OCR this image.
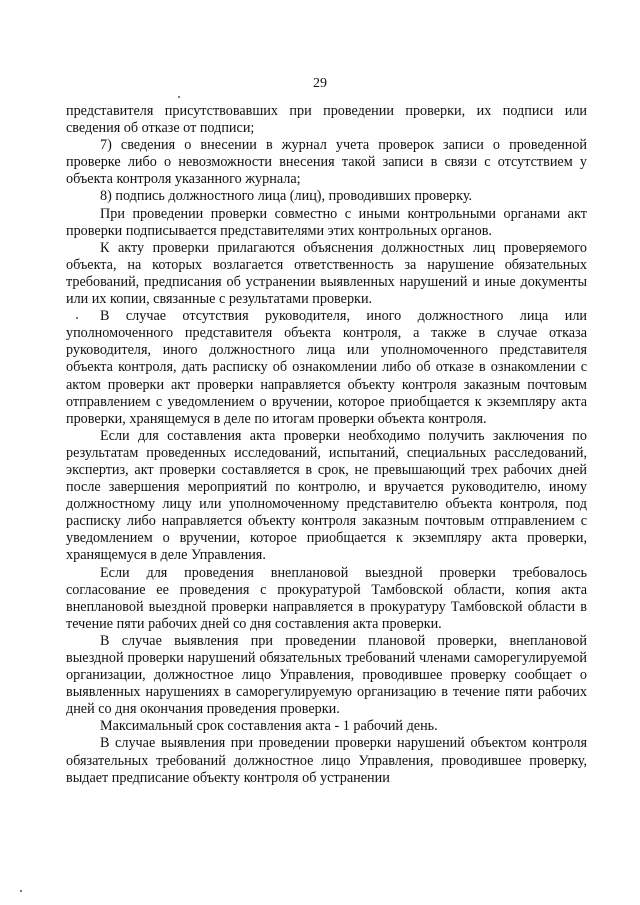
29

представителя присутствовавших при проведении проверки, их подписи или сведения об отказе от подписи;

7) сведения о внесении в журнал учета проверок записи о проведенной проверке либо о невозможности внесения такой записи в связи с отсутствием у объекта контроля указанного журнала;

8) подпись должностного лица (лиц), проводивших проверку.

При проведении проверки совместно с иными контрольными органами акт проверки подписывается представителями этих контрольных органов.

К акту проверки прилагаются объяснения должностных лиц проверяемого объекта, на которых возлагается ответственность за нарушение обязательных требований, предписания об устранении выявленных нарушений и иные документы или их копии, связанные с результатами проверки.

В случае отсутствия руководителя, иного должностного лица или уполномоченного представителя объекта контроля, а также в случае отказа руководителя, иного должностного лица или уполномоченного представителя объекта контроля, дать расписку об ознакомлении либо об отказе в ознакомлении с актом проверки акт проверки направляется объекту контроля заказным почтовым отправлением с уведомлением о вручении, которое приобщается к экземпляру акта проверки, хранящемуся в деле по итогам проверки объекта контроля.

Если для составления акта проверки необходимо получить заключения по результатам проведенных исследований, испытаний, специальных расследований, экспертиз, акт проверки составляется в срок, не превышающий трех рабочих дней после завершения мероприятий по контролю, и вручается руководителю, иному должностному лицу или уполномоченному представителю объекта контроля, под расписку либо направляется объекту контроля заказным почтовым отправлением с уведомлением о вручении, которое приобщается к экземпляру акта проверки, хранящемуся в деле Управления.

Если для проведения внеплановой выездной проверки требовалось согласование ее проведения с прокуратурой Тамбовской области, копия акта внеплановой выездной проверки направляется в прокуратуру Тамбовской области в течение пяти рабочих дней со дня составления акта проверки.

В случае выявления при проведении плановой проверки, внеплановой выездной проверки нарушений обязательных требований членами саморегулируемой организации, должностное лицо Управления, проводившее проверку сообщает о выявленных нарушениях в саморегулируемую организацию в течение пяти рабочих дней со дня окончания проведения проверки.

Максимальный срок составления акта - 1 рабочий день.

В случае выявления при проведении проверки нарушений объектом контроля обязательных требований должностное лицо Управления, проводившее проверку, выдает предписание объекту контроля об устранении
